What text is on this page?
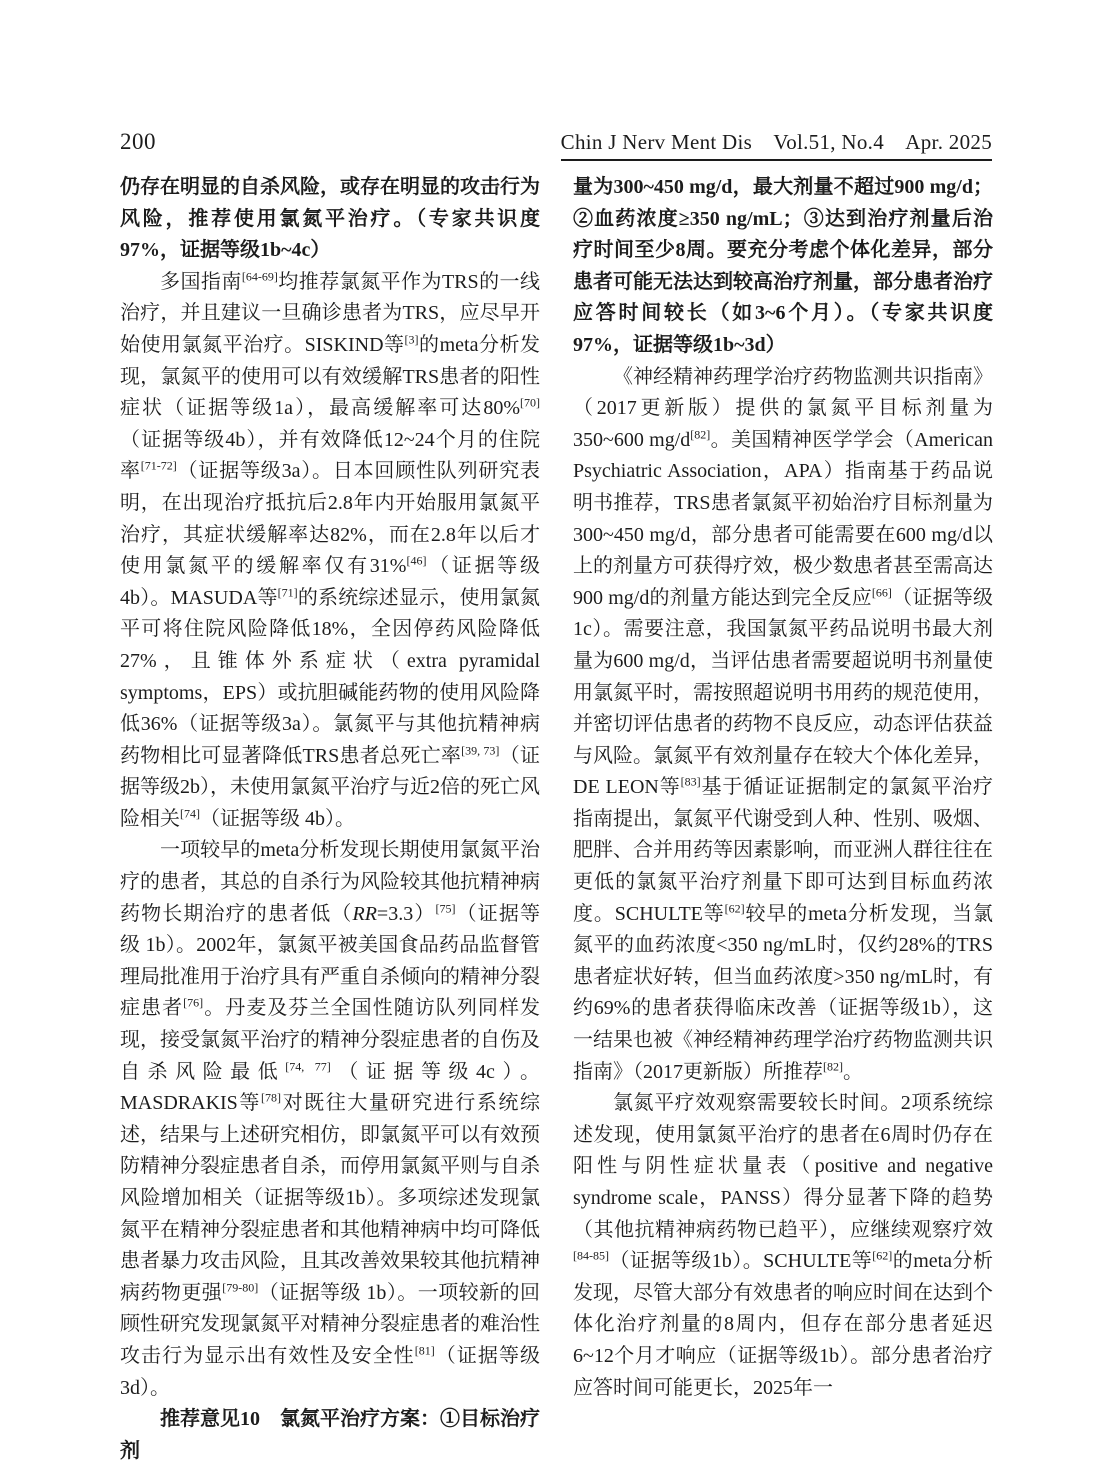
200	Chin J Nerv Ment Dis　Vol.51, No.4　Apr. 2025

仍存在明显的自杀风险，或存在明显的攻击行为风险，推荐使用氯氮平治疗。（专家共识度97%，证据等级1b~4c）

多国指南[64-69]均推荐氯氮平作为TRS的一线治疗，并且建议一旦确诊患者为TRS，应尽早开始使用氯氮平治疗。SISKIND等[3]的meta分析发现，氯氮平的使用可以有效缓解TRS患者的阳性症状（证据等级1a），最高缓解率可达80%[70]（证据等级4b），并有效降低12~24个月的住院率[71-72]（证据等级3a）。日本回顾性队列研究表明，在出现治疗抵抗后2.8年内开始服用氯氮平治疗，其症状缓解率达82%，而在2.8年以后才使用氯氮平的缓解率仅有31%[46]（证据等级4b）。MASUDA等[71]的系统综述显示，使用氯氮平可将住院风险降低18%，全因停药风险降低27%，且锥体外系症状（extra pyramidal symptoms，EPS）或抗胆碱能药物的使用风险降低36%（证据等级3a）。氯氮平与其他抗精神病药物相比可显著降低TRS患者总死亡率[39, 73]（证据等级2b），未使用氯氮平治疗与近2倍的死亡风险相关[74]（证据等级 4b）。

一项较早的meta分析发现长期使用氯氮平治疗的患者，其总的自杀行为风险较其他抗精神病药物长期治疗的患者低（RR=3.3）[75]（证据等级 1b）。2002年，氯氮平被美国食品药品监督管理局批准用于治疗具有严重自杀倾向的精神分裂症患者[76]。丹麦及芬兰全国性随访队列同样发现，接受氯氮平治疗的精神分裂症患者的自伤及自杀风险最低[74, 77]（证据等级4c）。MASDRAKIS等[78]对既往大量研究进行系统综述，结果与上述研究相仿，即氯氮平可以有效预防精神分裂症患者自杀，而停用氯氮平则与自杀风险增加相关（证据等级1b）。多项综述发现氯氮平在精神分裂症患者和其他精神病中均可降低患者暴力攻击风险，且其改善效果较其他抗精神病药物更强[79-80]（证据等级 1b）。一项较新的回顾性研究发现氯氮平对精神分裂症患者的难治性攻击行为显示出有效性及安全性[81]（证据等级3d）。

推荐意见10　氯氮平治疗方案：①目标治疗剂

量为300~450 mg/d，最大剂量不超过900 mg/d；②血药浓度≥350 ng/mL；③达到治疗剂量后治疗时间至少8周。要充分考虑个体化差异，部分患者可能无法达到较高治疗剂量，部分患者治疗应答时间较长（如3~6个月）。（专家共识度97%，证据等级1b~3d）

《神经精神药理学治疗药物监测共识指南》（2017更新版）提供的氯氮平目标剂量为350~600 mg/d[82]。美国精神医学学会（American Psychiatric Association，APA）指南基于药品说明书推荐，TRS患者氯氮平初始治疗目标剂量为300~450 mg/d，部分患者可能需要在600 mg/d以上的剂量方可获得疗效，极少数患者甚至需高达900 mg/d的剂量方能达到完全反应[66]（证据等级1c）。需要注意，我国氯氮平药品说明书最大剂量为600 mg/d，当评估患者需要超说明书剂量使用氯氮平时，需按照超说明书用药的规范使用，并密切评估患者的药物不良反应，动态评估获益与风险。氯氮平有效剂量存在较大个体化差异，DE LEON等[83]基于循证证据制定的氯氮平治疗指南提出，氯氮平代谢受到人种、性别、吸烟、肥胖、合并用药等因素影响，而亚洲人群往往在更低的氯氮平治疗剂量下即可达到目标血药浓度。SCHULTE等[62]较早的meta分析发现，当氯氮平的血药浓度<350 ng/mL时，仅约28%的TRS患者症状好转，但当血药浓度>350 ng/mL时，有约69%的患者获得临床改善（证据等级1b），这一结果也被《神经精神药理学治疗药物监测共识指南》（2017更新版）所推荐[82]。

氯氮平疗效观察需要较长时间。2项系统综述发现，使用氯氮平治疗的患者在6周时仍存在阳性与阴性症状量表（positive and negative syndrome scale，PANSS）得分显著下降的趋势（其他抗精神病药物已趋平），应继续观察疗效[84-85]（证据等级1b）。SCHULTE等[62]的meta分析发现，尽管大部分有效患者的响应时间在达到个体化治疗剂量的8周内，但存在部分患者延迟6~12个月才响应（证据等级1b）。部分患者治疗应答时间可能更长，2025年一
